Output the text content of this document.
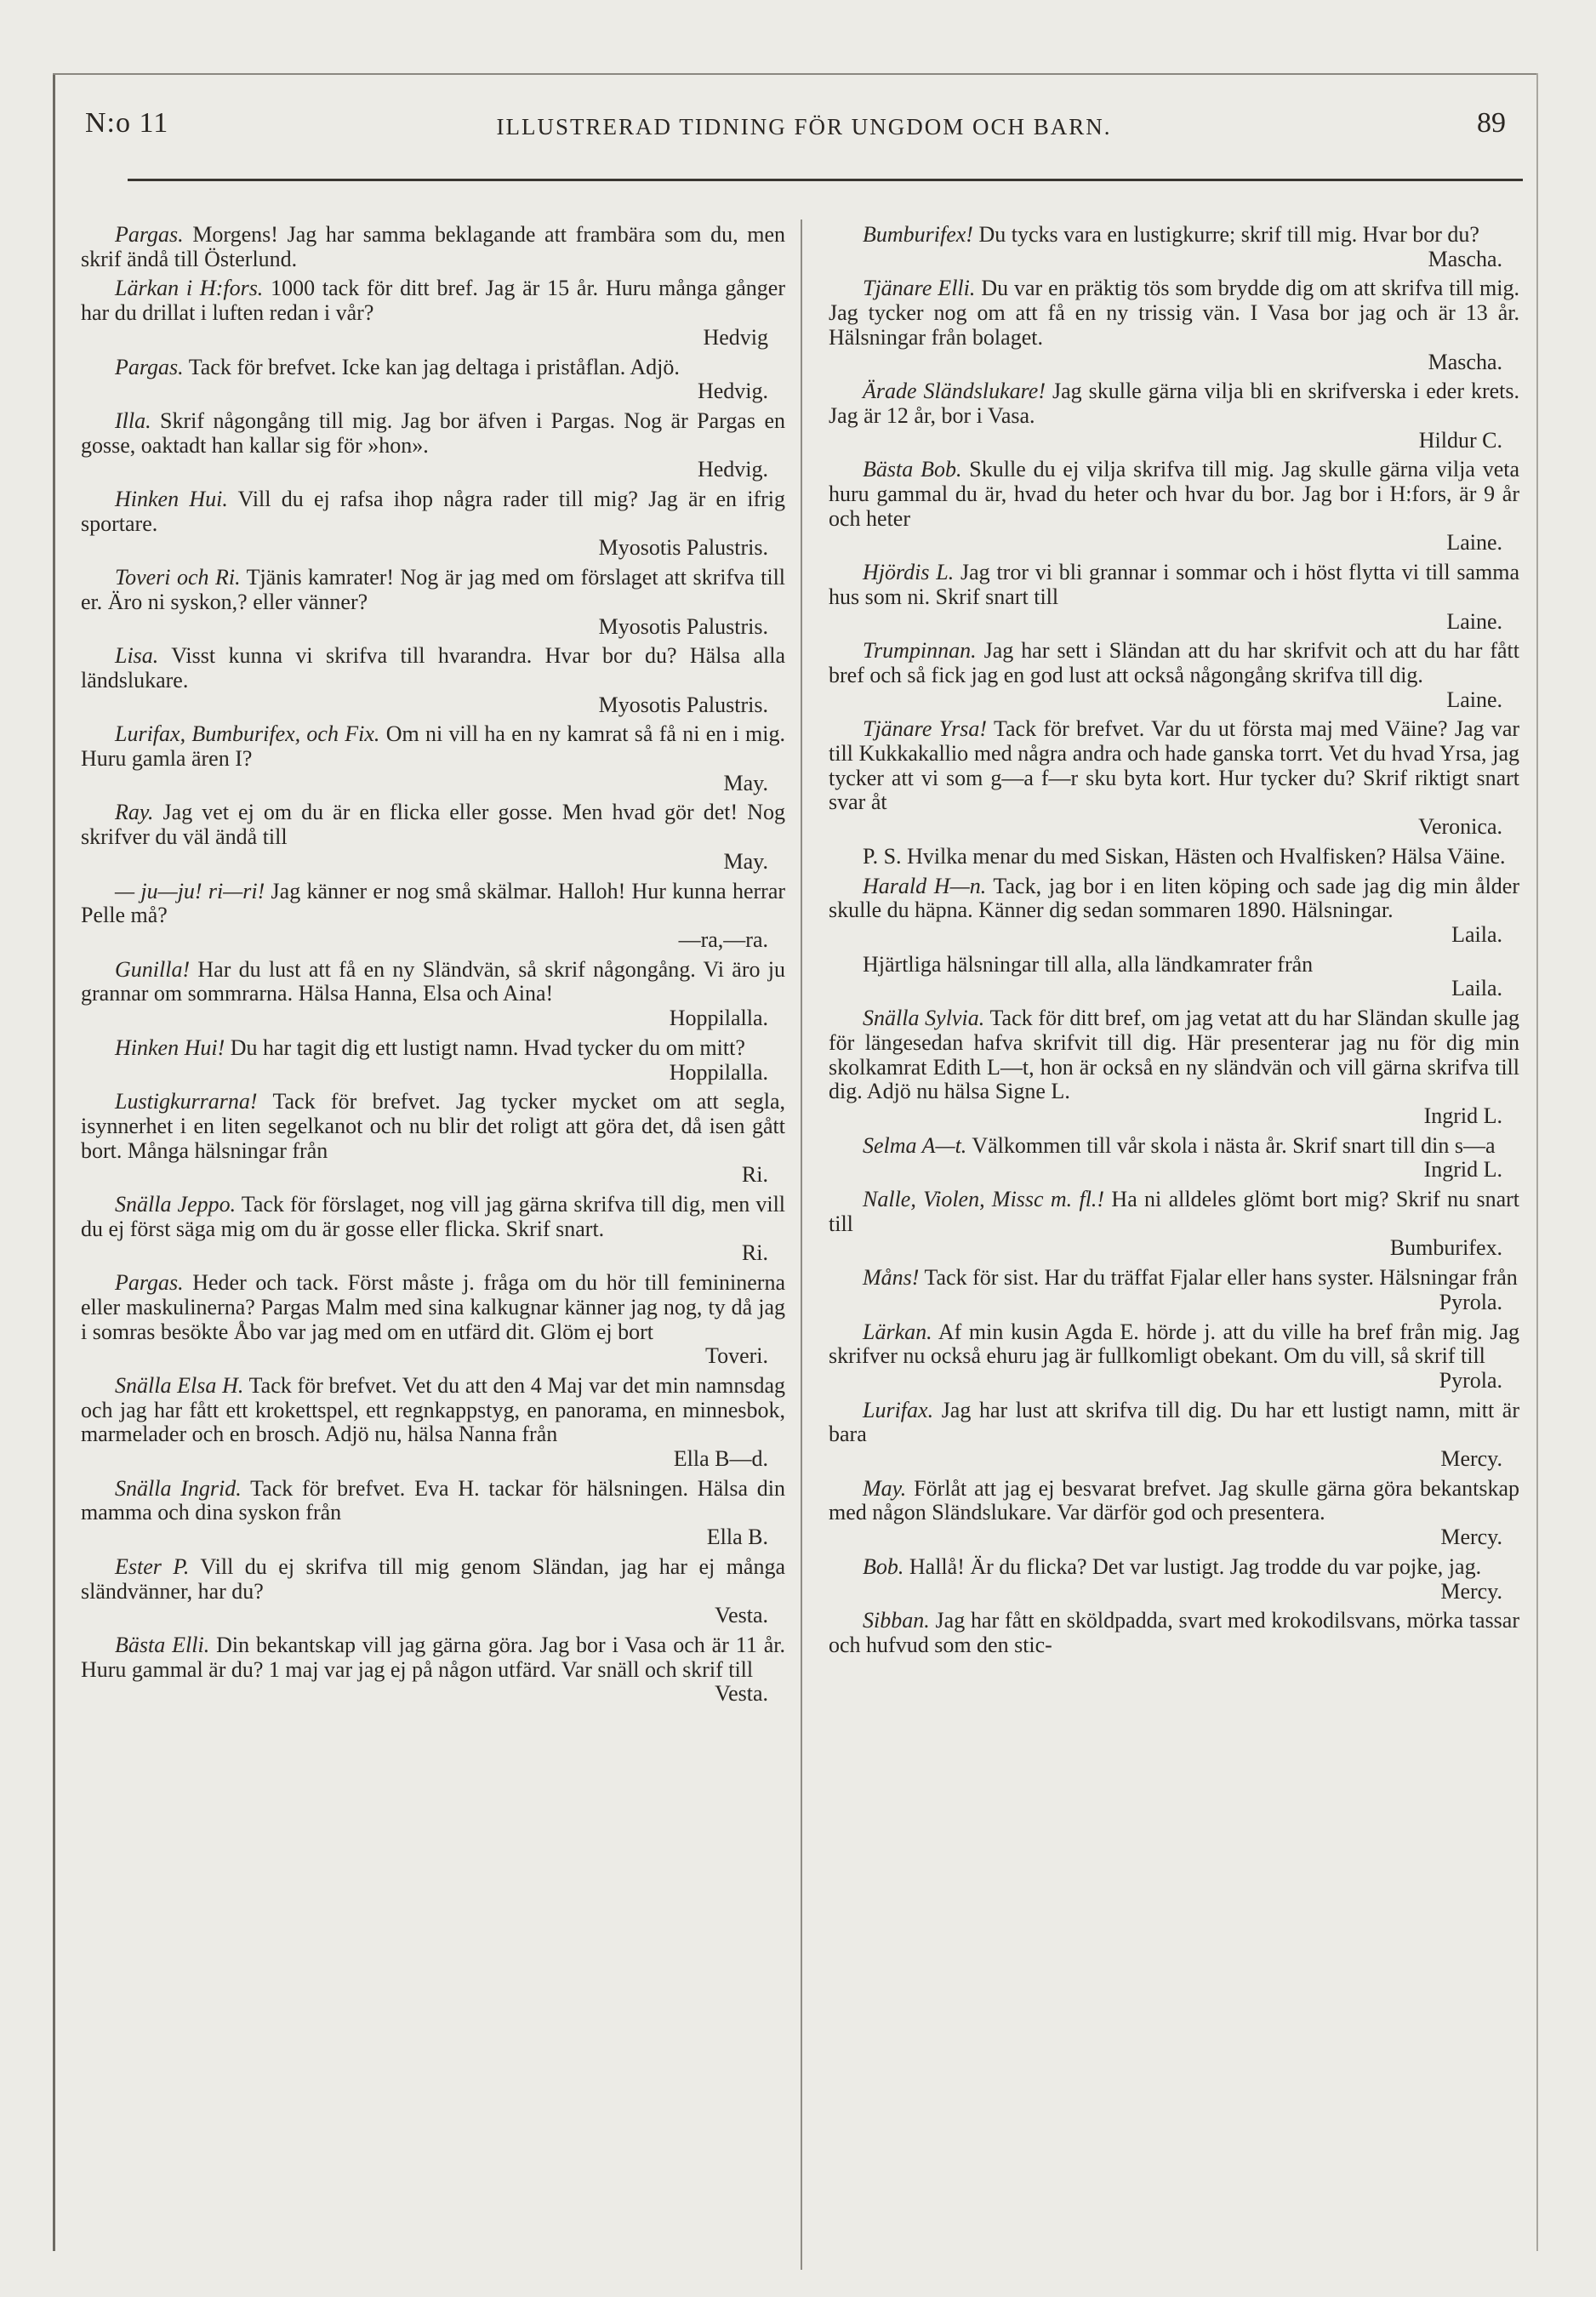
N:o 11	ILLUSTRERAD TIDNING FÖR UNGDOM OCH BARN.	89

Pargas. Morgens! Jag har samma beklagande att frambära som du, men skrif ändå till Österlund.

Lärkan i H:fors. 1000 tack för ditt bref. Jag är 15 år. Huru många gånger har du drillat i luften redan i vår?
Hedvig

Pargas. Tack för brefvet. Icke kan jag deltaga i priståflan. Adjö.
Hedvig.

Illa. Skrif någongång till mig. Jag bor äfven i Pargas. Nog är Pargas en gosse, oaktadt han kallar sig för »hon».
Hedvig.

Hinken Hui. Vill du ej rafsa ihop några rader till mig? Jag är en ifrig sportare.
Myosotis Palustris.

Toveri och Ri. Tjänis kamrater! Nog är jag med om förslaget att skrifva till er. Äro ni syskon,? eller vänner?
Myosotis Palustris.

Lisa. Visst kunna vi skrifva till hvarandra. Hvar bor du? Hälsa alla ländslukare.
Myosotis Palustris.

Lurifax, Bumburifex, och Fix. Om ni vill ha en ny kamrat så få ni en i mig. Huru gamla ären I?
May.

Ray. Jag vet ej om du är en flicka eller gosse. Men hvad gör det! Nog skrifver du väl ändå till
May.

— ju—ju! ri—ri! Jag känner er nog små skälmar. Halloh! Hur kunna herrar Pelle må?
—ra,—ra.

Gunilla! Har du lust att få en ny Sländvän, så skrif någongång. Vi äro ju grannar om sommrarna. Hälsa Hanna, Elsa och Aina!
Hoppilalla.

Hinken Hui! Du har tagit dig ett lustigt namn. Hvad tycker du om mitt?
Hoppilalla.

Lustigkurrarna! Tack för brefvet. Jag tycker mycket om att segla, isynnerhet i en liten segelkanot och nu blir det roligt att göra det, då isen gått bort. Många hälsningar från
Ri.

Snälla Jeppo. Tack för förslaget, nog vill jag gärna skrifva till dig, men vill du ej först säga mig om du är gosse eller flicka. Skrif snart.
Ri.

Pargas. Heder och tack. Först måste j. fråga om du hör till femininerna eller maskulinerna? Pargas Malm med sina kalkugnar känner jag nog, ty då jag i somras besökte Åbo var jag med om en utfärd dit. Glöm ej bort
Toveri.

Snälla Elsa H. Tack för brefvet. Vet du att den 4 Maj var det min namnsdag och jag har fått ett krokettspel, ett regnkappstyg, en panorama, en minnesbok, marmelader och en brosch. Adjö nu, hälsa Nanna från
Ella B—d.

Snälla Ingrid. Tack för brefvet. Eva H. tackar för hälsningen. Hälsa din mamma och dina syskon från
Ella B.

Ester P. Vill du ej skrifva till mig genom Sländan, jag har ej många sländvänner, har du?
Vesta.

Bästa Elli. Din bekantskap vill jag gärna göra. Jag bor i Vasa och är 11 år. Huru gammal är du? 1 maj var jag ej på någon utfärd. Var snäll och skrif till
Vesta.

Bumburifex! Du tycks vara en lustigkurre; skrif till mig. Hvar bor du?
Mascha.

Tjänare Elli. Du var en präktig tös som brydde dig om att skrifva till mig. Jag tycker nog om att få en ny trissig vän. I Vasa bor jag och är 13 år. Hälsningar från bolaget.
Mascha.

Ärade Sländslukare! Jag skulle gärna vilja bli en skrifverska i eder krets. Jag är 12 år, bor i Vasa.
Hildur C.

Bästa Bob. Skulle du ej vilja skrifva till mig. Jag skulle gärna vilja veta huru gammal du är, hvad du heter och hvar du bor. Jag bor i H:fors, är 9 år och heter
Laine.

Hjördis L. Jag tror vi bli grannar i sommar och i höst flytta vi till samma hus som ni. Skrif snart till
Laine.

Trumpinnan. Jag har sett i Sländan att du har skrifvit och att du har fått bref och så fick jag en god lust att också någongång skrifva till dig.
Laine.

Tjänare Yrsa! Tack för brefvet. Var du ut första maj med Väine? Jag var till Kukkakallio med några andra och hade ganska torrt. Vet du hvad Yrsa, jag tycker att vi som g—a f—r sku byta kort. Hur tycker du? Skrif riktigt snart svar åt
Veronica.

P. S. Hvilka menar du med Siskan, Hästen och Hvalfisken? Hälsa Väine.

Harald H—n. Tack, jag bor i en liten köping och sade jag dig min ålder skulle du häpna. Känner dig sedan sommaren 1890. Hälsningar.
Laila.

Hjärtliga hälsningar till alla, alla ländkamrater från
Laila.

Snälla Sylvia. Tack för ditt bref, om jag vetat att du har Sländan skulle jag för längesedan hafva skrifvit till dig. Här presenterar jag nu för dig min skolkamrat Edith L—t, hon är också en ny sländvän och vill gärna skrifva till dig. Adjö nu hälsa Signe L.
Ingrid L.

Selma A—t. Välkommen till vår skola i nästa år. Skrif snart till din s—a
Ingrid L.

Nalle, Violen, Missc m. fl.! Ha ni alldeles glömt bort mig? Skrif nu snart till
Bumburifex.

Måns! Tack för sist. Har du träffat Fjalar eller hans syster. Hälsningar från
Pyrola.

Lärkan. Af min kusin Agda E. hörde j. att du ville ha bref från mig. Jag skrifver nu också ehuru jag är fullkomligt obekant. Om du vill, så skrif till
Pyrola.

Lurifax. Jag har lust att skrifva till dig. Du har ett lustigt namn, mitt är bara
Mercy.

May. Förlåt att jag ej besvarat brefvet. Jag skulle gärna göra bekantskap med någon Sländslukare. Var därför god och presentera.
Mercy.

Bob. Hallå! Är du flicka? Det var lustigt. Jag trodde du var pojke, jag.
Mercy.

Sibban. Jag har fått en sköldpadda, svart med krokodilsvans, mörka tassar och hufvud som den stic-
